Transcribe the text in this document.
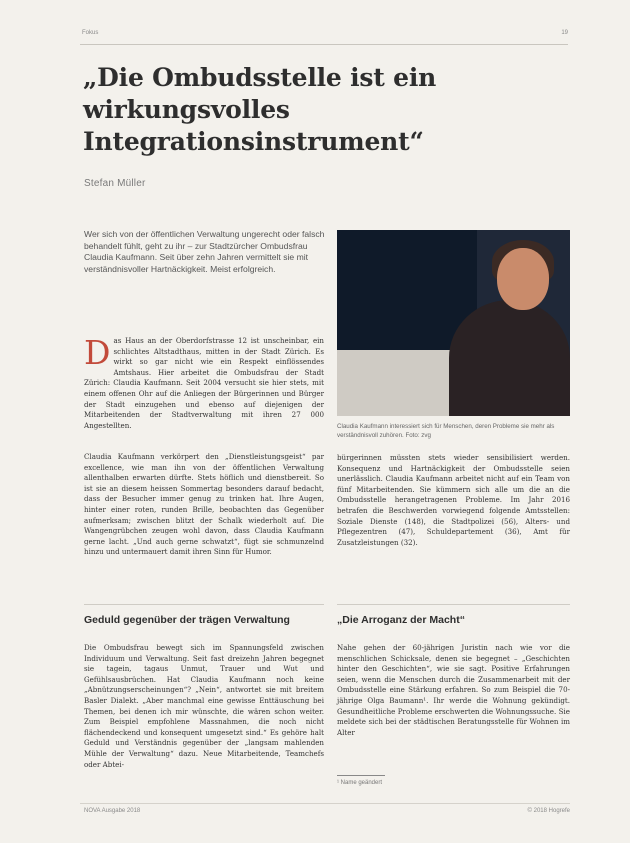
Fokus	19
„Die Ombudsstelle ist ein wirkungsvolles Integrationsinstrument“
Stefan Müller
Wer sich von der öffentlichen Verwaltung ungerecht oder falsch behandelt fühlt, geht zu ihr – zur Stadtzürcher Ombudsfrau Claudia Kaufmann. Seit über zehn Jahren vermittelt sie mit verständnisvoller Hartnäckigkeit. Meist erfolgreich.
Claudia Kaufmann interessiert sich für Menschen, deren Probleme sie mehr als verständnisvoll zuhören. Foto: zvg
Das Haus an der Oberdorfstrasse 12 ist unscheinbar, ein schlichtes Altstadthaus, mitten in der Stadt Zürich. Es wirkt so gar nicht wie ein Respekt einflössendes Amtshaus. Hier arbeitet die Ombudsfrau der Stadt Zürich: Claudia Kaufmann. Seit 2004 versucht sie hier stets, mit einem offenen Ohr auf die Anliegen der Bürgerinnen und Bürger der Stadt einzugehen und ebenso auf diejenigen der Mitarbeitenden der Stadtverwaltung mit ihren 27 000 Angestellten.
Claudia Kaufmann verkörpert den „Dienstleistungsgeist“ par excellence, wie man ihn von der öffentlichen Verwaltung allenthalben erwarten dürfte. Stets höflich und dienstbereit. So ist sie an diesem heissen Sommertag besonders darauf bedacht, dass der Besucher immer genug zu trinken hat. Ihre Augen, hinter einer roten, runden Brille, beobachten das Gegenüber aufmerksam; zwischen blitzt der Schalk wiederholt auf. Die Wangengrübchen zeugen wohl davon, dass Claudia Kaufmann gerne lacht. „Und auch gerne schwatzt“, fügt sie schmunzelnd hinzu und untermauert damit ihren Sinn für Humor.
bürgerinnen müssten stets wieder sensibilisiert werden. Konsequenz und Hartnäckigkeit der Ombudsstelle seien unerlässlich. Claudia Kaufmann arbeitet nicht auf ein Team von fünf Mitarbeitenden. Sie kümmern sich alle um die an die Ombudsstelle herangetragenen Probleme. Im Jahr 2016 betrafen die Beschwerden vorwiegend folgende Amtsstellen: Soziale Dienste (148), die Stadtpolizei (56), Alters- und Pflegezentren (47), Schuldepartement (36), Amt für Zusatzleistungen (32).
Geduld gegenüber der trägen Verwaltung	„Die Arroganz der Macht“
Die Ombudsfrau bewegt sich im Spannungsfeld zwischen Individuum und Verwaltung. Seit fast dreizehn Jahren begegnet sie tagein, tagaus Unmut, Trauer und Wut und Gefühlsausbrüchen. Hat Claudia Kaufmann noch keine „Abnützungserscheinungen“? „Nein“, antwortet sie mit breitem Basler Dialekt. „Aber manchmal eine gewisse Enttäuschung bei Themen, bei denen ich mir wünschte, die wären schon weiter. Zum Beispiel empfohlene Massnahmen, die noch nicht flächendeckend und konsequent umgesetzt sind.“ Es gehöre halt Geduld und Verständnis gegenüber der „langsam mahlenden Mühle der Verwaltung“ dazu. Neue Mitarbeitende, Teamchefs oder Abtei-
Nahe gehen der 60-jährigen Juristin nach wie vor die menschlichen Schicksale, denen sie begegnet – „Geschichten hinter den Geschichten“, wie sie sagt. Positive Erfahrungen seien, wenn die Menschen durch die Zusammenarbeit mit der Ombudsstelle eine Stärkung erfahren. So zum Beispiel die 70-jährige Olga Baumann¹. Ihr werde die Wohnung gekündigt. Gesundheitliche Probleme erschwerten die Wohnungssuche. Sie meldete sich bei der städtischen Beratungsstelle für Wohnen im Alter
¹ Name geändert
NOVA Ausgabe 2018	© 2018 Hogrefe
